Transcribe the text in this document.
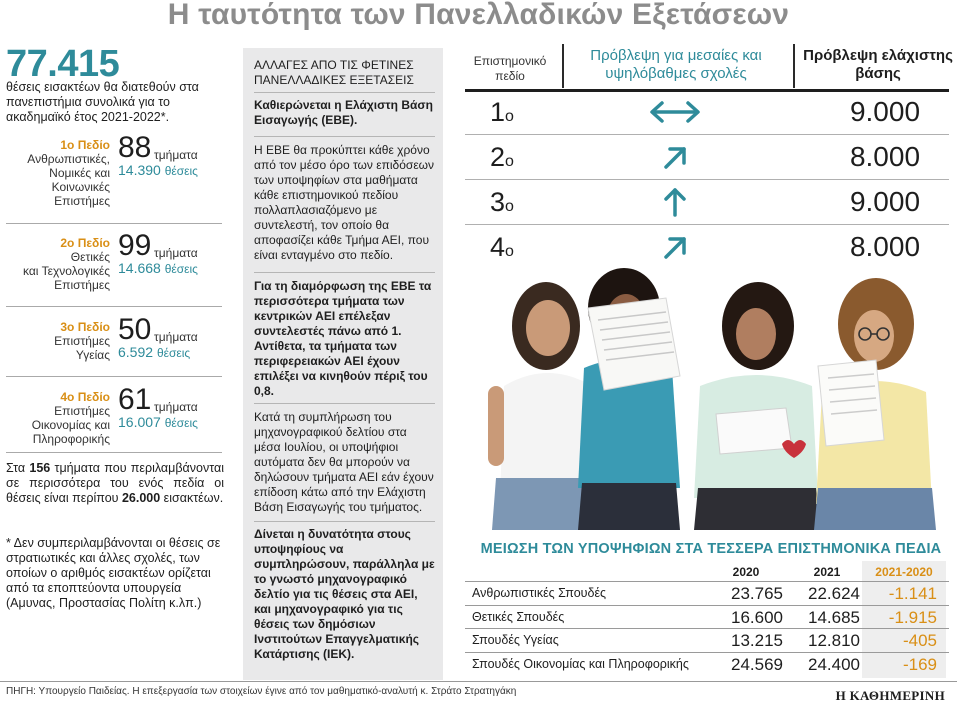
Η ταυτότητα των Πανελλαδικών Εξετάσεων
77.415
θέσεις εισακτέων θα διατεθούν στα πανεπιστήμια συνολικά για το ακαδημαϊκό έτος 2021-2022*.
1ο Πεδίο
Ανθρωπιστικές,
Νομικές και
Κοινωνικές
Επιστήμες
88 τμήματα
14.390 θέσεις
2ο Πεδίο
Θετικές
και Τεχνολογικές
Επιστήμες
99 τμήματα
14.668 θέσεις
3ο Πεδίο
Επιστήμες
Υγείας
50 τμήματα
6.592 θέσεις
4ο Πεδίο
Επιστήμες
Οικονομίας και
Πληροφορικής
61 τμήματα
16.007 θέσεις
Στα 156 τμήματα που περιλαμβάνονται σε περισσότερα του ενός πεδία οι θέσεις είναι περίπου 26.000 εισακτέων.
* Δεν συμπεριλαμβάνονται οι θέσεις σε στρατιωτικές και άλλες σχολές, των οποίων ο αριθμός εισακτέων ορίζεται από τα εποπτεύοντα υπουργεία (Αμυνας, Προστασίας Πολίτη κ.λπ.)
ΑΛΛΑΓΕΣ ΑΠΟ ΤΙΣ ΦΕΤΙΝΕΣ ΠΑΝΕΛΛΑΔΙΚΕΣ ΕΞΕΤΑΣΕΙΣ
Καθιερώνεται η Ελάχιστη Βάση Εισαγωγής (ΕΒΕ).
Η ΕΒΕ θα προκύπτει κάθε χρόνο από τον μέσο όρο των επιδόσεων των υποψηφίων στα μαθήματα κάθε επιστημονικού πεδίου πολλαπλασιαζόμενο με συντελεστή, τον οποίο θα αποφασίζει κάθε Τμήμα ΑΕΙ, που είναι ενταγμένο στο πεδίο.
Για τη διαμόρφωση της ΕΒΕ τα περισσότερα τμήματα των κεντρικών ΑΕΙ επέλεξαν συντελεστές πάνω από 1. Αντίθετα, τα τμήματα των περιφερειακών ΑΕΙ έχουν επιλέξει να κινηθούν πέριξ του 0,8.
Κατά τη συμπλήρωση του μηχανογραφικού δελτίου στα μέσα Ιουλίου, οι υποψήφιοι αυτόματα δεν θα μπορούν να δηλώσουν τμήματα ΑΕΙ εάν έχουν επίδοση κάτω από την Ελάχιστη Βάση Εισαγωγής του τμήματος.
Δίνεται η δυνατότητα στους υποψηφίους να συμπληρώσουν, παράλληλα με το γνωστό μηχανογραφικό δελτίο για τις θέσεις στα ΑΕΙ, και μηχανογραφικό για τις θέσεις των δημόσιων Ινστιτούτων Επαγγελματικής Κατάρτισης (ΙΕΚ).
Επιστημονικό πεδίο
Πρόβλεψη για μεσαίες και υψηλόβαθμες σχολές
Πρόβλεψη ελάχιστης βάσης
1ο	9.000
2ο	8.000
3ο	9.000
4ο	8.000
ΜΕΙΩΣΗ ΤΩΝ ΥΠΟΨΗΦΙΩΝ ΣΤΑ ΤΕΣΣΕΡΑ ΕΠΙΣΤΗΜΟΝΙΚΑ ΠΕΔΙΑ
2020	2021	2021-2020
Ανθρωπιστικές Σπουδές	23.765	22.624	-1.141
Θετικές Σπουδές	16.600	14.685	-1.915
Σπουδές Υγείας	13.215	12.810	-405
Σπουδές Οικονομίας και Πληροφορικής	24.569	24.400	-169
ΠΗΓΗ: Υπουργείο Παιδείας. Η επεξεργασία των στοιχείων έγινε από τον μαθηματικό-αναλυτή κ. Στράτο Στρατηγάκη	Η ΚΑΘΗΜΕΡΙΝΗ
